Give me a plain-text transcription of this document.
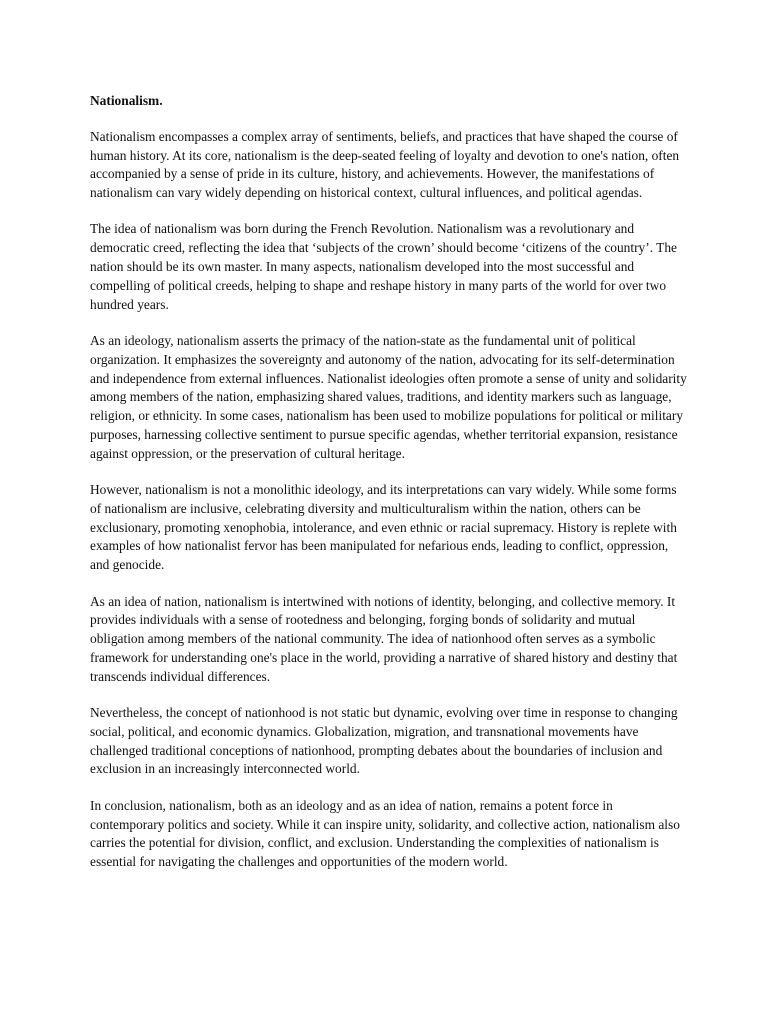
Nationalism.

Nationalism encompasses a complex array of sentiments, beliefs, and practices that have shaped the course of human history. At its core, nationalism is the deep-seated feeling of loyalty and devotion to one's nation, often accompanied by a sense of pride in its culture, history, and achievements. However, the manifestations of nationalism can vary widely depending on historical context, cultural influences, and political agendas.

The idea of nationalism was born during the French Revolution. Nationalism was a revolutionary and democratic creed, reflecting the idea that ‘subjects of the crown’ should become ‘citizens of the country’. The nation should be its own master. In many aspects, nationalism developed into the most successful and compelling of political creeds, helping to shape and reshape history in many parts of the world for over two hundred years.

As an ideology, nationalism asserts the primacy of the nation-state as the fundamental unit of political organization. It emphasizes the sovereignty and autonomy of the nation, advocating for its self-determination and independence from external influences. Nationalist ideologies often promote a sense of unity and solidarity among members of the nation, emphasizing shared values, traditions, and identity markers such as language, religion, or ethnicity. In some cases, nationalism has been used to mobilize populations for political or military purposes, harnessing collective sentiment to pursue specific agendas, whether territorial expansion, resistance against oppression, or the preservation of cultural heritage.

However, nationalism is not a monolithic ideology, and its interpretations can vary widely. While some forms of nationalism are inclusive, celebrating diversity and multiculturalism within the nation, others can be exclusionary, promoting xenophobia, intolerance, and even ethnic or racial supremacy. History is replete with examples of how nationalist fervor has been manipulated for nefarious ends, leading to conflict, oppression, and genocide.

As an idea of nation, nationalism is intertwined with notions of identity, belonging, and collective memory. It provides individuals with a sense of rootedness and belonging, forging bonds of solidarity and mutual obligation among members of the national community. The idea of nationhood often serves as a symbolic framework for understanding one's place in the world, providing a narrative of shared history and destiny that transcends individual differences.

Nevertheless, the concept of nationhood is not static but dynamic, evolving over time in response to changing social, political, and economic dynamics. Globalization, migration, and transnational movements have challenged traditional conceptions of nationhood, prompting debates about the boundaries of inclusion and exclusion in an increasingly interconnected world.

In conclusion, nationalism, both as an ideology and as an idea of nation, remains a potent force in contemporary politics and society. While it can inspire unity, solidarity, and collective action, nationalism also carries the potential for division, conflict, and exclusion. Understanding the complexities of nationalism is essential for navigating the challenges and opportunities of the modern world.
